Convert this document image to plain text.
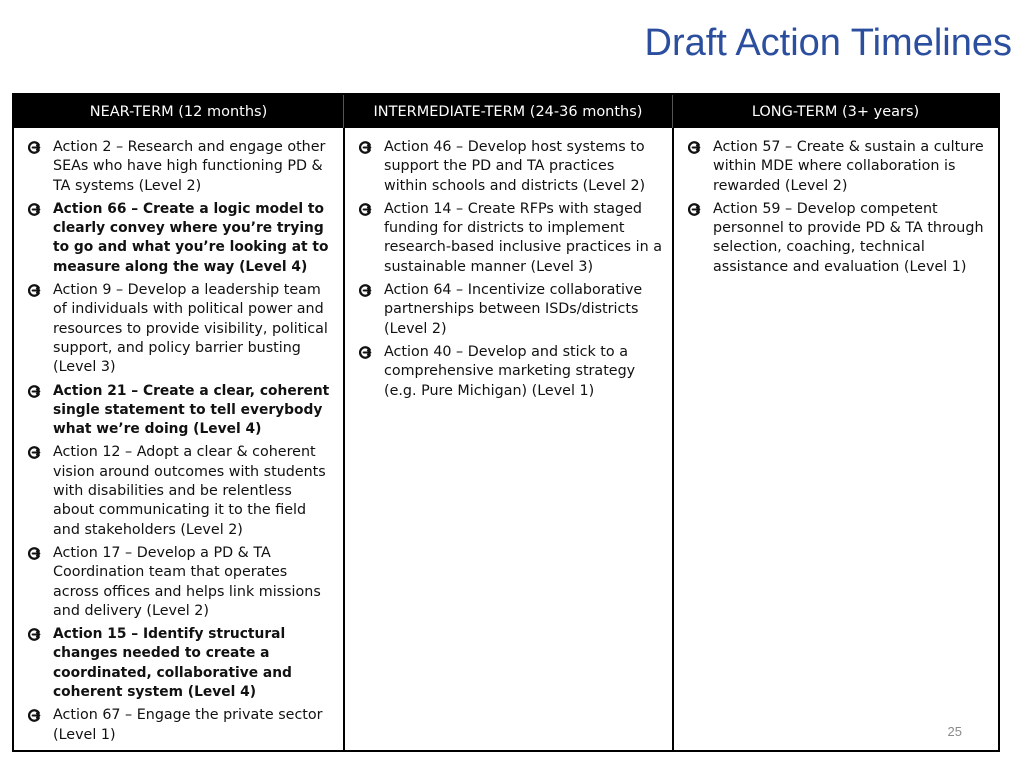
Draft Action Timelines
NEAR-TERM (12 months)	INTERMEDIATE-TERM (24-36 months)	LONG-TERM (3+ years)
Action 2 – Research and engage other SEAs who have high functioning PD & TA systems (Level 2)
Action 66 – Create a logic model to clearly convey where you’re trying to go and what you’re looking at to measure along the way (Level 4)
Action 9 – Develop a leadership team of individuals with political power and resources to provide visibility, political support, and policy barrier busting (Level 3)
Action 21 – Create a clear, coherent single statement to tell everybody what we’re doing (Level 4)
Action 12 – Adopt a clear & coherent vision around outcomes with students with disabilities and be relentless about communicating it to the field and stakeholders (Level 2)
Action 17 – Develop a PD & TA Coordination team that operates across offices and helps link missions and delivery (Level 2)
Action 15 – Identify structural changes needed to create a coordinated, collaborative and coherent system (Level 4)
Action 67 – Engage the private sector (Level 1)
Action 46 – Develop host systems to support the PD and TA practices within schools and districts (Level 2)
Action 14 – Create RFPs with staged funding for districts to implement research-based inclusive practices in a sustainable manner (Level 3)
Action 64 – Incentivize collaborative partnerships between ISDs/districts (Level 2)
Action 40 – Develop and stick to a comprehensive marketing strategy (e.g. Pure Michigan) (Level 1)
Action 57 – Create & sustain a culture within MDE where collaboration is rewarded (Level 2)
Action 59 – Develop competent personnel to provide PD & TA through selection, coaching, technical assistance and evaluation (Level 1)
25
